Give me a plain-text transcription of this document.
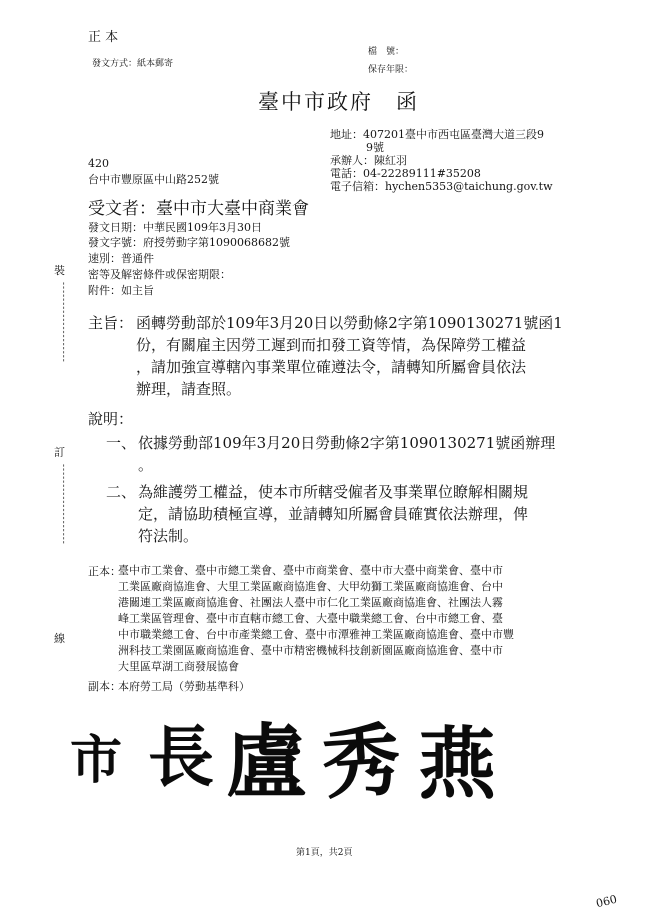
正 本
發文方式：紙本郵寄
檔　號：
保存年限：
臺中市政府　函
地址：407201臺中市西屯區臺灣大道三段9
9號
承辦人：陳紅羽
電話：04-22289111#35208
電子信箱：hychen5353@taichung.gov.tw
420
台中市豐原區中山路252號
受文者：臺中市大臺中商業會
發文日期：中華民國109年3月30日
發文字號：府授勞動字第1090068682號
速別：普通件
密等及解密條件或保密期限：
附件：如主旨
裝
訂
線
--------------------
--------------------
主旨： 函轉勞動部於109年3月20日以勞動條2字第1090130271號函1
份，有關雇主因勞工遲到而扣發工資等情，為保障勞工權益
，請加強宣導轄內事業單位確遵法令，請轉知所屬會員依法
辦理，請查照。
說明：
一、 依據勞動部109年3月20日勞動條2字第1090130271號函辦理
。
二、 為維護勞工權益，使本市所轄受僱者及事業單位瞭解相關規
定，請協助積極宣導，並請轉知所屬會員確實依法辦理，俾
符法制。
正本：
臺中市工業會、臺中市總工業會、臺中市商業會、臺中市大臺中商業會、臺中市
工業區廠商協進會、大里工業區廠商協進會、大甲幼獅工業區廠商協進會、台中
港關連工業區廠商協進會、社團法人臺中市仁化工業區廠商協進會、社團法人霧
峰工業區管理會、臺中市直轄市總工會、大臺中職業總工會、台中市總工會、臺
中市職業總工會、台中市產業總工會、臺中市潭雅神工業區廠商協進會、臺中市豐
洲科技工業園區廠商協進會、臺中市精密機械科技創新園區廠商協進會、臺中市
大里區草湖工商發展協會
副本：
本府勞工局（勞動基準科）
市 長 盧 秀 燕
第1頁，共2頁
060
